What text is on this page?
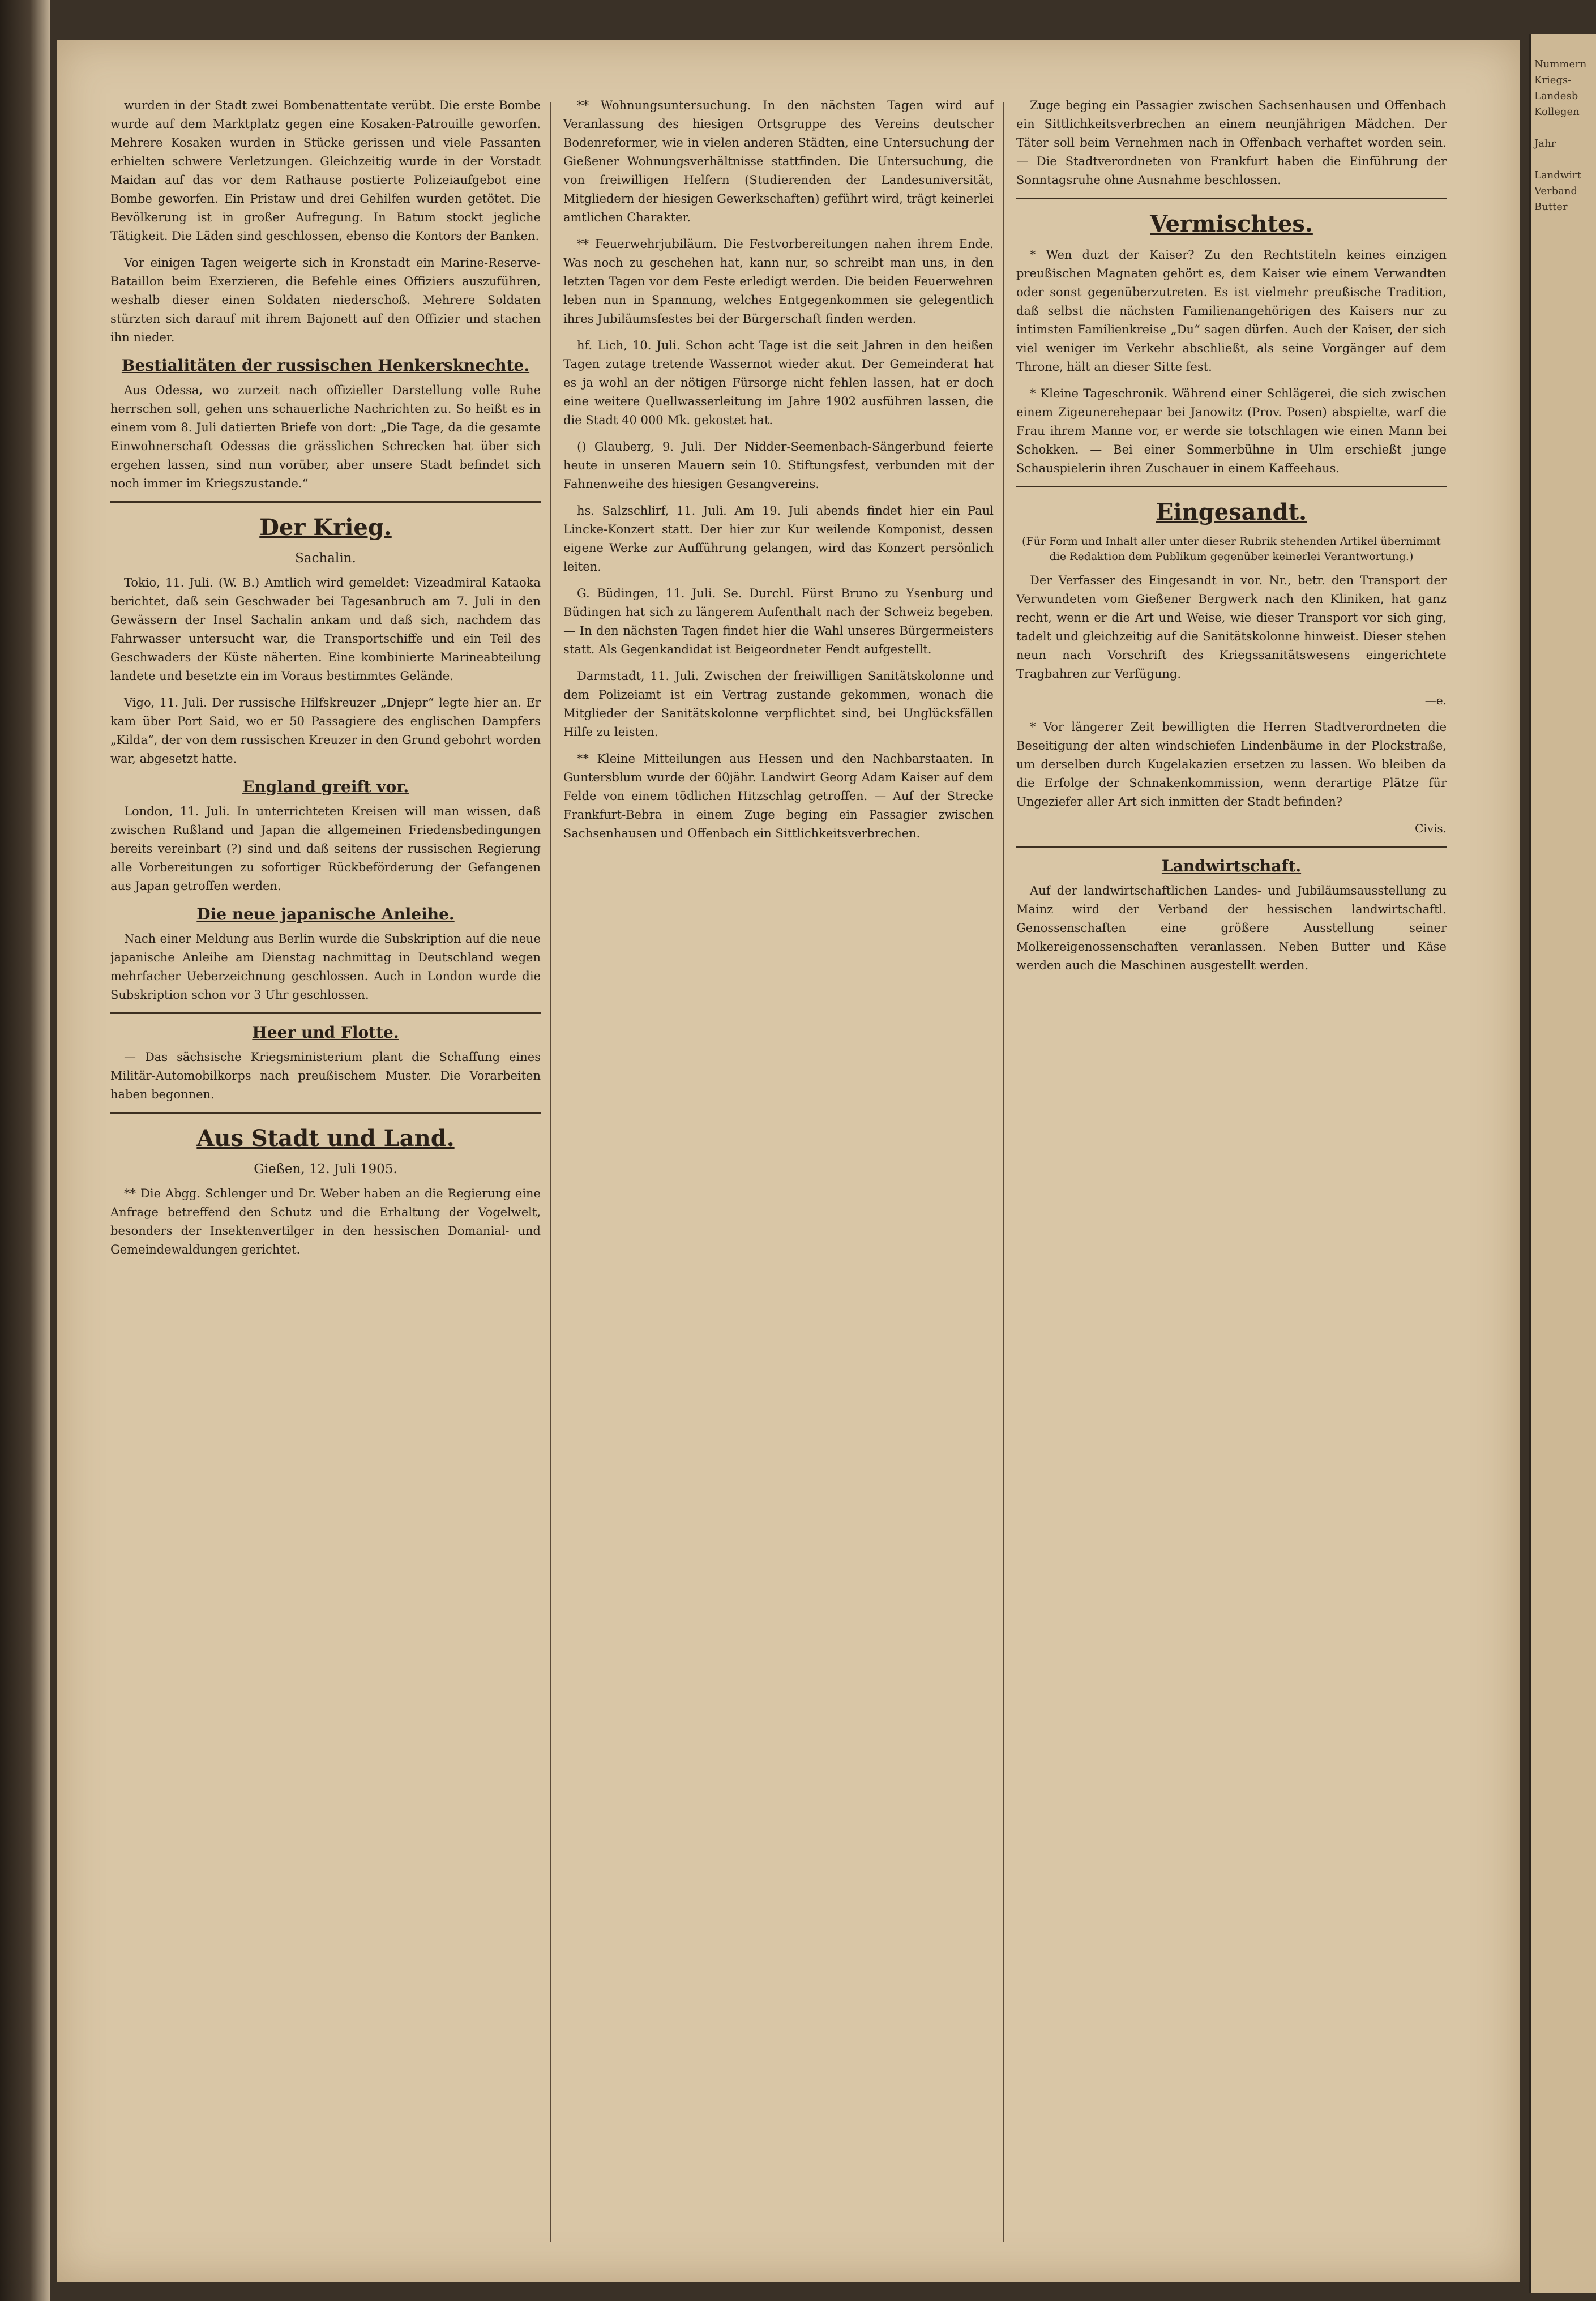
wurden in der Stadt zwei Bombenattentate verübt. Die erste Bombe wurde auf dem Marktplatz gegen eine Kosaken-Patrouille geworfen. Mehrere Kosaken wurden in Stücke gerissen und viele Passanten erhielten schwere Verletzungen. Gleichzeitig wurde in der Vorstadt Maidan auf das vor dem Rathause postierte Polizeiaufgebot eine Bombe geworfen. Ein Pristaw und drei Gehilfen wurden getötet. Die Bevölkerung ist in großer Aufregung. In Batum stockt jegliche Tätigkeit. Die Läden sind geschlossen, ebenso die Kontors der Banken.

Vor einigen Tagen weigerte sich in Kronstadt ein Marine-Reserve-Bataillon beim Exerzieren, die Befehle eines Offiziers auszuführen, weshalb dieser einen Soldaten niederschoß. Mehrere Soldaten stürzten sich darauf mit ihrem Bajonett auf den Offizier und stachen ihn nieder.

Bestialitäten der russischen Henkersknechte.

Aus Odessa, wo zurzeit nach offizieller Darstellung volle Ruhe herrschen soll, gehen uns schauerliche Nachrichten zu. So heißt es in einem vom 8. Juli datierten Briefe von dort: „Die Tage, da die gesamte Einwohnerschaft Odessas die grässlichen Schrecken hat über sich ergehen lassen, sind nun vorüber, aber unsere Stadt befindet sich noch immer im Kriegszustande.“

Der Krieg.
Sachalin.

Tokio, 11. Juli. (W. B.) Amtlich wird gemeldet: Vizeadmiral Kataoka berichtet, daß sein Geschwader bei Tagesanbruch am 7. Juli in den Gewässern der Insel Sachalin ankam und daß sich, nachdem das Fahrwasser untersucht war, die Transportschiffe und ein Teil des Geschwaders der Küste näherten. Eine kombinierte Marineabteilung landete und besetzte ein im Voraus bestimmtes Gelände.

Vigo, 11. Juli. Der russische Hilfskreuzer „Dnjepr“ legte hier an. Er kam über Port Said, wo er 50 Passagiere des englischen Dampfers „Kilda“, der von dem russischen Kreuzer in den Grund gebohrt worden war, abgesetzt hatte.

England greift vor.

London, 11. Juli. In unterrichteten Kreisen will man wissen, daß zwischen Rußland und Japan die allgemeinen Friedensbedingungen bereits vereinbart (?) sind und daß seitens der russischen Regierung alle Vorbereitungen zu sofortiger Rückbeförderung der Gefangenen aus Japan getroffen werden.

Die neue japanische Anleihe.

Nach einer Meldung aus Berlin wurde die Subskription auf die neue japanische Anleihe am Dienstag nachmittag in Deutschland wegen mehrfacher Ueberzeichnung geschlossen. Auch in London wurde die Subskription schon vor 3 Uhr geschlossen.

Heer und Flotte.

— Das sächsische Kriegsministerium plant die Schaffung eines Militär-Automobilkorps nach preußischem Muster. Die Vorarbeiten haben begonnen.

Aus Stadt und Land.
Gießen, 12. Juli 1905.

** Die Abgg. Schlenger und Dr. Weber haben an die Regierung eine Anfrage betreffend den Schutz und die Erhaltung der Vogelwelt, besonders der Insektenvertilger in den hessischen Domanial- und Gemeindewaldungen gerichtet.

** Wohnungsuntersuchung. In den nächsten Tagen wird auf Veranlassung des hiesigen Ortsgruppe des Vereins deutscher Bodenreformer, wie in vielen anderen Städten, eine Untersuchung der Gießener Wohnungsverhältnisse stattfinden. Die Untersuchung, die von freiwilligen Helfern (Studierenden der Landesuniversität, Mitgliedern der hiesigen Gewerkschaften) geführt wird, trägt keinerlei amtlichen Charakter.

** Feuerwehrjubiläum. Die Festvorbereitungen nahen ihrem Ende. Was noch zu geschehen hat, kann nur, so schreibt man uns, in den letzten Tagen vor dem Feste erledigt werden. Die beiden Feuerwehren leben nun in Spannung, welches Entgegenkommen sie gelegentlich ihres Jubiläumsfestes bei der Bürgerschaft finden werden.

hf. Lich, 10. Juli. Schon acht Tage ist die seit Jahren in den heißen Tagen zutage tretende Wassernot wieder akut. Der Gemeinderat hat es ja wohl an der nötigen Fürsorge nicht fehlen lassen, hat er doch eine weitere Quellwasserleitung im Jahre 1902 ausführen lassen, die die Stadt 40 000 Mk. gekostet hat.

() Glauberg, 9. Juli. Der Nidder-Seemenbach-Sängerbund feierte heute in unseren Mauern sein 10. Stiftungsfest, verbunden mit der Fahnenweihe des hiesigen Gesangvereins.

hs. Salzschlirf, 11. Juli. Am 19. Juli abends findet hier ein Paul Lincke-Konzert statt. Der hier zur Kur weilende Komponist, dessen eigene Werke zur Aufführung gelangen, wird das Konzert persönlich leiten.

G. Büdingen, 11. Juli. Se. Durchl. Fürst Bruno zu Ysenburg und Büdingen hat sich zu längerem Aufenthalt nach der Schweiz begeben. — In den nächsten Tagen findet hier die Wahl unseres Bürgermeisters statt. Als Gegenkandidat ist Beigeordneter Fendt aufgestellt.

Darmstadt, 11. Juli. Zwischen der freiwilligen Sanitätskolonne und dem Polizeiamt ist ein Vertrag zustande gekommen, wonach die Mitglieder der Sanitätskolonne verpflichtet sind, bei Unglücksfällen Hilfe zu leisten.

** Kleine Mitteilungen aus Hessen und den Nachbarstaaten. In Guntersblum wurde der 60jähr. Landwirt Georg Adam Kaiser auf dem Felde von einem tödlichen Hitzschlag getroffen. — Auf der Strecke Frankfurt-Bebra in einem Zuge beging ein Passagier zwischen Sachsenhausen und Offenbach ein Sittlichkeitsverbrechen.

Zuge beging ein Passagier zwischen Sachsenhausen und Offenbach ein Sittlichkeitsverbrechen an einem neunjährigen Mädchen. Der Täter soll beim Vernehmen nach in Offenbach verhaftet worden sein. — Die Stadtverordneten von Frankfurt haben die Einführung der Sonntagsruhe ohne Ausnahme beschlossen.

Vermischtes.

* Wen duzt der Kaiser? Zu den Rechtstiteln keines einzigen preußischen Magnaten gehört es, dem Kaiser wie einem Verwandten oder sonst gegenüberzutreten. Es ist vielmehr preußische Tradition, daß selbst die nächsten Familienangehörigen des Kaisers nur zu intimsten Familienkreise „Du“ sagen dürfen. Auch der Kaiser, der sich viel weniger im Verkehr abschließt, als seine Vorgänger auf dem Throne, hält an dieser Sitte fest.

* Kleine Tageschronik. Während einer Schlägerei, die sich zwischen einem Zigeunerehepaar bei Janowitz (Prov. Posen) abspielte, warf die Frau ihrem Manne vor, er werde sie totschlagen wie einen Mann bei Schokken. — Bei einer Sommerbühne in Ulm erschießt junge Schauspielerin ihren Zuschauer in einem Kaffeehaus.

Eingesandt.
(Für Form und Inhalt aller unter dieser Rubrik stehenden Artikel übernimmt die Redaktion dem Publikum gegenüber keinerlei Verantwortung.)

Der Verfasser des Eingesandt in vor. Nr., betr. den Transport der Verwundeten vom Gießener Bergwerk nach den Kliniken, hat ganz recht, wenn er die Art und Weise, wie dieser Transport vor sich ging, tadelt und gleichzeitig auf die Sanitätskolonne hinweist. Dieser stehen neun nach Vorschrift des Kriegssanitätswesens eingerichtete Tragbahren zur Verfügung.

—e.

* Vor längerer Zeit bewilligten die Herren Stadtverordneten die Beseitigung der alten windschiefen Lindenbäume in der Plockstraße, um derselben durch Kugelakazien ersetzen zu lassen. Wo bleiben da die Erfolge der Schnakenkommission, wenn derartige Plätze für Ungeziefer aller Art sich inmitten der Stadt befinden?

Civis.
Landwirtschaft.

Auf der landwirtschaftlichen Landes- und Jubiläumsausstellung zu Mainz wird der Verband der hessischen landwirtschaftl. Genossenschaften eine größere Ausstellung seiner Molkereigenossenschaften veranlassen. Neben Butter und Käse werden auch die Maschinen ausgestellt werden.

Nummern
Kriegs-
Landesb
Kollegen

Jahr

Landwirt
Verband
Butter
